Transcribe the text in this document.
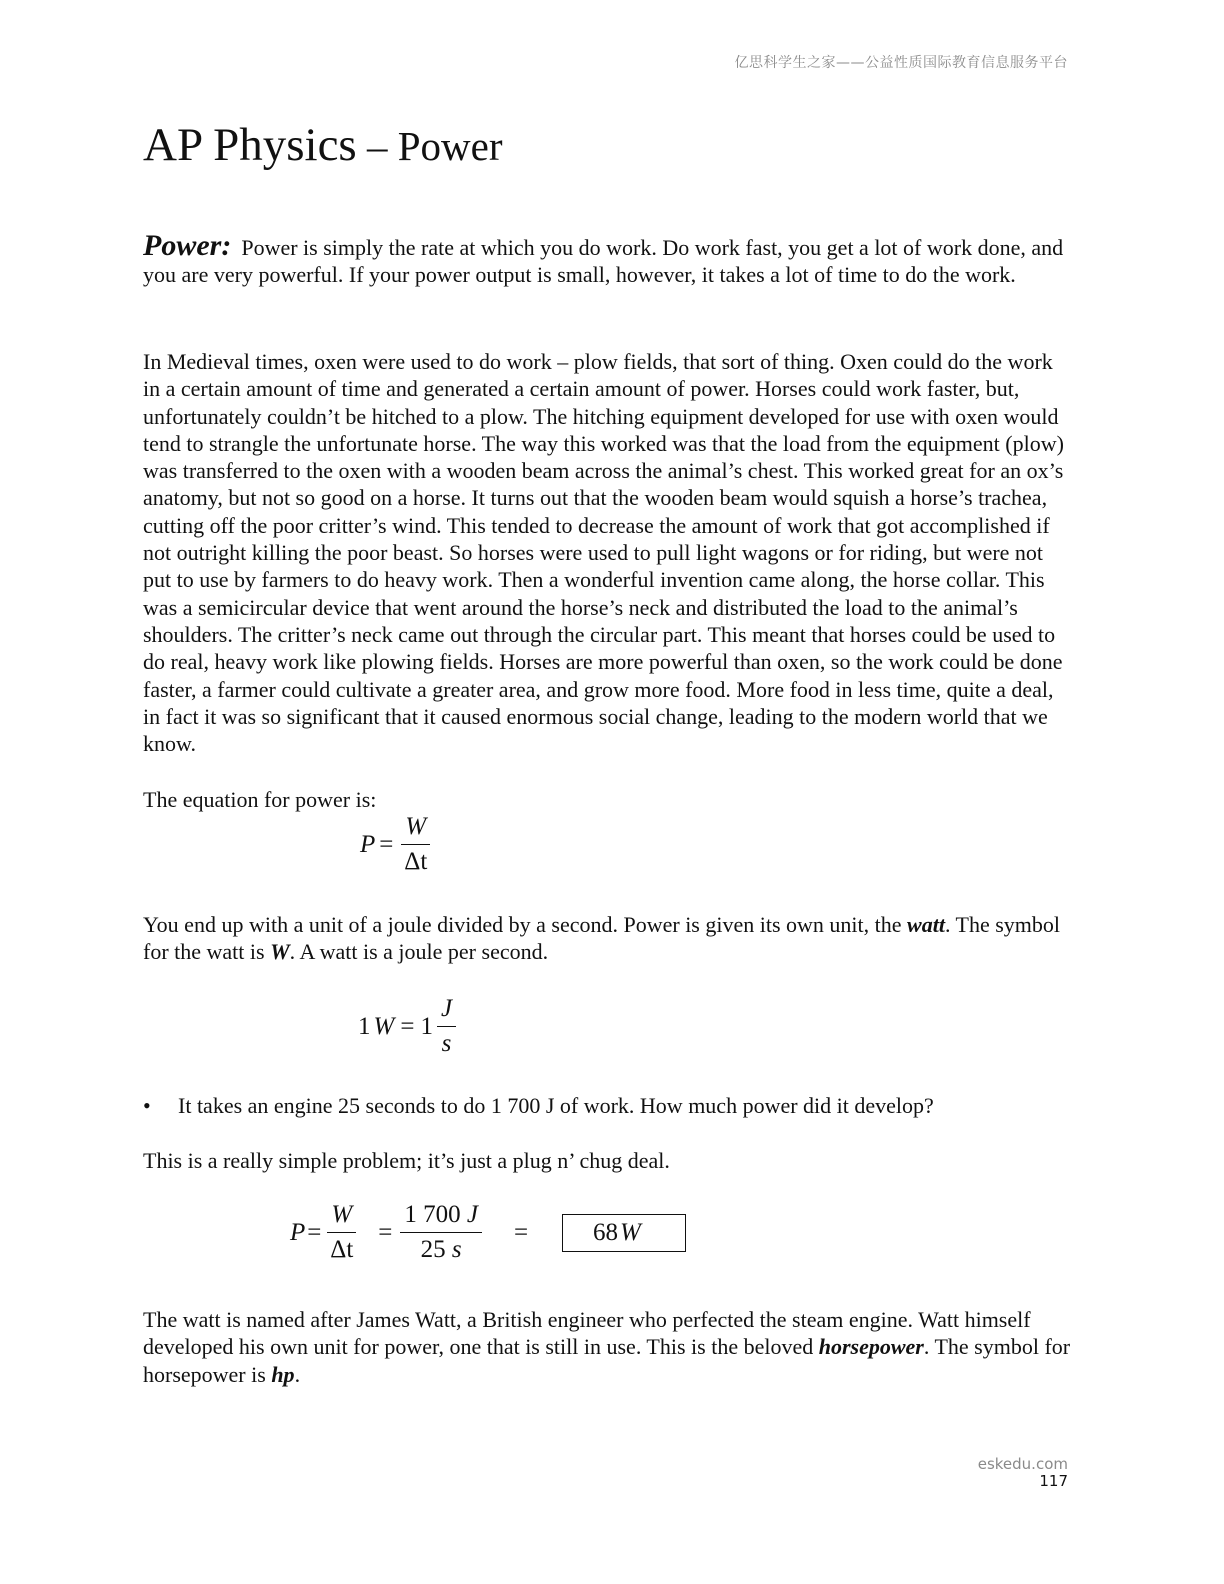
亿思科学生之家——公益性质国际教育信息服务平台
AP Physics – Power
Power: Power is simply the rate at which you do work. Do work fast, you get a lot of work done, and you are very powerful. If your power output is small, however, it takes a lot of time to do the work.
In Medieval times, oxen were used to do work – plow fields, that sort of thing. Oxen could do the work in a certain amount of time and generated a certain amount of power. Horses could work faster, but, unfortunately couldn’t be hitched to a plow. The hitching equipment developed for use with oxen would tend to strangle the unfortunate horse. The way this worked was that the load from the equipment (plow) was transferred to the oxen with a wooden beam across the animal’s chest. This worked great for an ox’s anatomy, but not so good on a horse. It turns out that the wooden beam would squish a horse’s trachea, cutting off the poor critter’s wind. This tended to decrease the amount of work that got accomplished if not outright killing the poor beast. So horses were used to pull light wagons or for riding, but were not put to use by farmers to do heavy work. Then a wonderful invention came along, the horse collar. This was a semicircular device that went around the horse’s neck and distributed the load to the animal’s shoulders. The critter’s neck came out through the circular part. This meant that horses could be used to do real, heavy work like plowing fields. Horses are more powerful than oxen, so the work could be done faster, a farmer could cultivate a greater area, and grow more food. More food in less time, quite a deal, in fact it was so significant that it caused enormous social change, leading to the modern world that we know.
The equation for power is:
$P = \frac{W}{\Delta t}$
You end up with a unit of a joule divided by a second. Power is given its own unit, the watt. The symbol for the watt is W. A watt is a joule per second.
1 $W = 1 \frac{J}{s}$
• It takes an engine 25 seconds to do 1 700 J of work. How much power did it develop?
This is a really simple problem; it’s just a plug n’ chug deal.
$P = \frac{W}{\Delta t} = \frac{1 700 J}{25 s}$ =	68W
The watt is named after James Watt, a British engineer who perfected the steam engine. Watt himself developed his own unit for power, one that is still in use. This is the beloved horsepower. The symbol for horsepower is hp.
eskedu.com
117
